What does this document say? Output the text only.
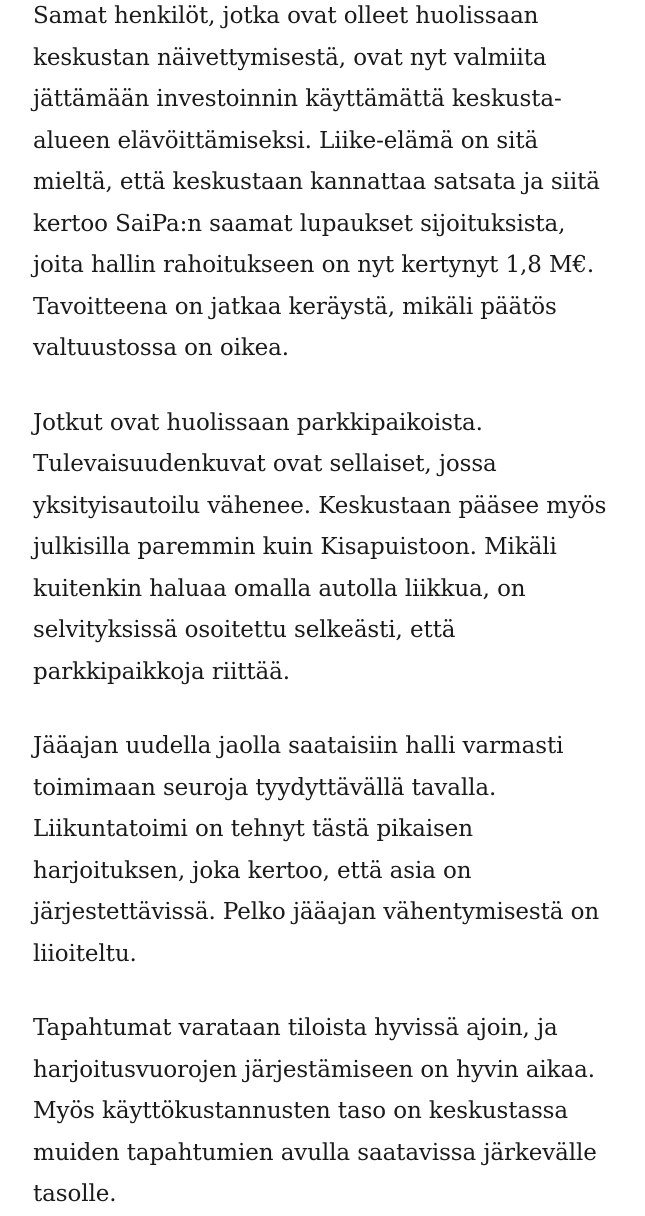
Samat henkilöt, jotka ovat olleet huolissaan
keskustan näivettymisestä, ovat nyt valmiita
jättämään investoinnin käyttämättä keskusta-
alueen elävöittämiseksi. Liike-elämä on sitä
mieltä, että keskustaan kannattaa satsata ja siitä
kertoo SaiPa:n saamat lupaukset sijoituksista,
joita hallin rahoitukseen on nyt kertynyt 1,8 M€.
Tavoitteena on jatkaa keräystä, mikäli päätös
valtuustossa on oikea.

Jotkut ovat huolissaan parkkipaikoista.
Tulevaisuudenkuvat ovat sellaiset, jossa
yksityisautoilu vähenee. Keskustaan pääsee myös
julkisilla paremmin kuin Kisapuistoon. Mikäli
kuitenkin haluaa omalla autolla liikkua, on
selvityksissä osoitettu selkeästi, että
parkkipaikkoja riittää.

Jääajan uudella jaolla saataisiin halli varmasti
toimimaan seuroja tyydyttävällä tavalla.
Liikuntatoimi on tehnyt tästä pikaisen
harjoituksen, joka kertoo, että asia on
järjestettävissä. Pelko jääajan vähentymisestä on
liioiteltu.

Tapahtumat varataan tiloista hyvissä ajoin, ja
harjoitusvuorojen järjestämiseen on hyvin aikaa.
Myös käyttökustannusten taso on keskustassa
muiden tapahtumien avulla saatavissa järkevälle
tasolle.
